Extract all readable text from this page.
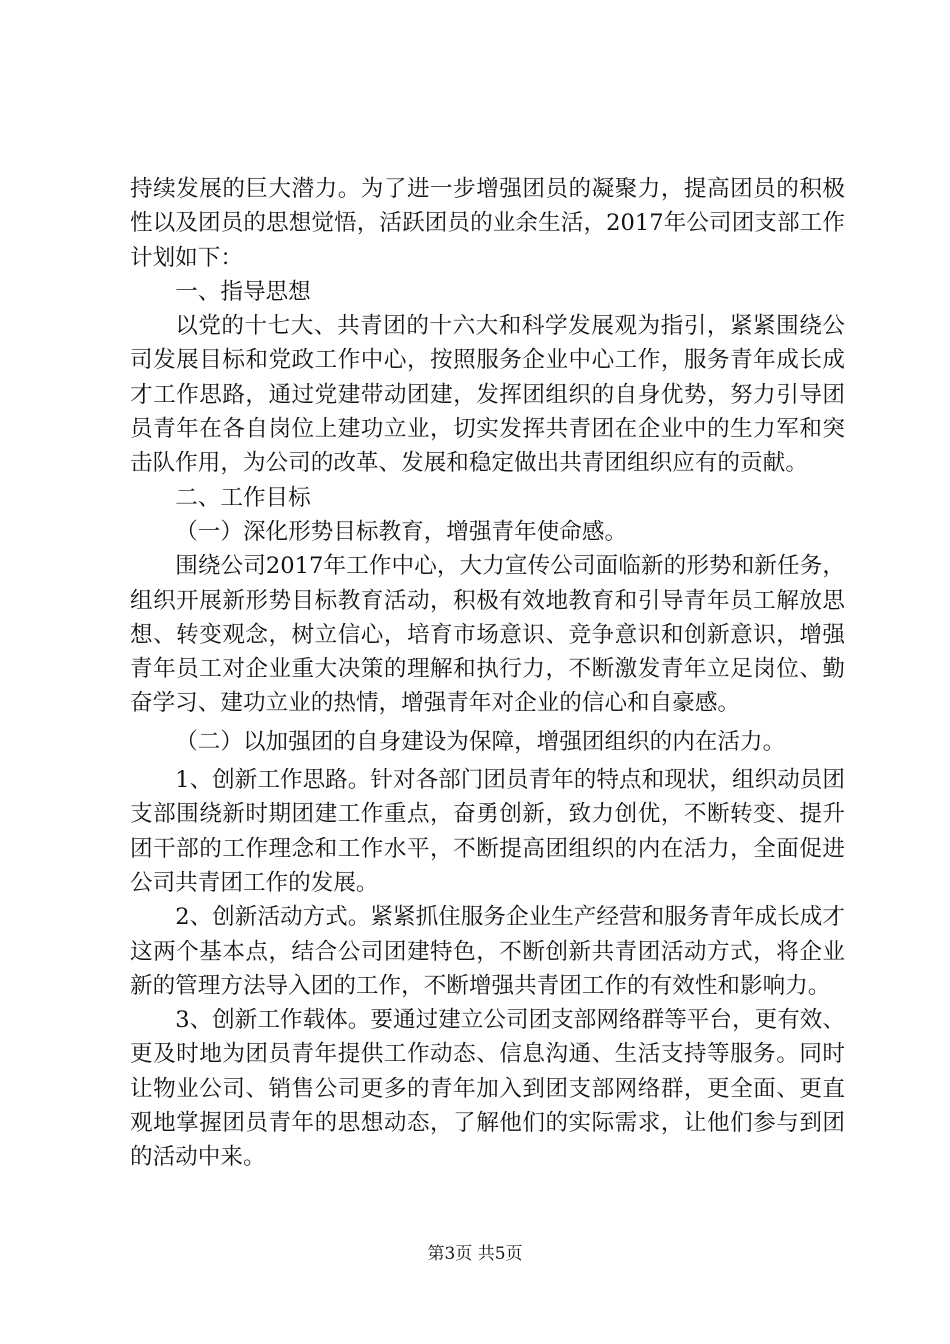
持续发展的巨大潜力。为了进一步增强团员的凝聚力，提高团员的积极性以及团员的思想觉悟，活跃团员的业余生活，2017年公司团支部工作计划如下：

一、指导思想

以党的十七大、共青团的十六大和科学发展观为指引，紧紧围绕公司发展目标和党政工作中心，按照服务企业中心工作，服务青年成长成才工作思路，通过党建带动团建，发挥团组织的自身优势，努力引导团员青年在各自岗位上建功立业，切实发挥共青团在企业中的生力军和突击队作用，为公司的改革、发展和稳定做出共青团组织应有的贡献。

二、工作目标

（一）深化形势目标教育，增强青年使命感。

围绕公司2017年工作中心，大力宣传公司面临新的形势和新任务，组织开展新形势目标教育活动，积极有效地教育和引导青年员工解放思想、转变观念，树立信心，培育市场意识、竞争意识和创新意识，增强青年员工对企业重大决策的理解和执行力，不断激发青年立足岗位、勤奋学习、建功立业的热情，增强青年对企业的信心和自豪感。

（二）以加强团的自身建设为保障，增强团组织的内在活力。

1、创新工作思路。针对各部门团员青年的特点和现状，组织动员团支部围绕新时期团建工作重点，奋勇创新，致力创优，不断转变、提升团干部的工作理念和工作水平，不断提高团组织的内在活力，全面促进公司共青团工作的发展。

2、创新活动方式。紧紧抓住服务企业生产经营和服务青年成长成才这两个基本点，结合公司团建特色，不断创新共青团活动方式，将企业新的管理方法导入团的工作，不断增强共青团工作的有效性和影响力。

3、创新工作载体。要通过建立公司团支部网络群等平台，更有效、更及时地为团员青年提供工作动态、信息沟通、生活支持等服务。同时让物业公司、销售公司更多的青年加入到团支部网络群，更全面、更直观地掌握团员青年的思想动态，了解他们的实际需求，让他们参与到团的活动中来。

第3页 共5页
